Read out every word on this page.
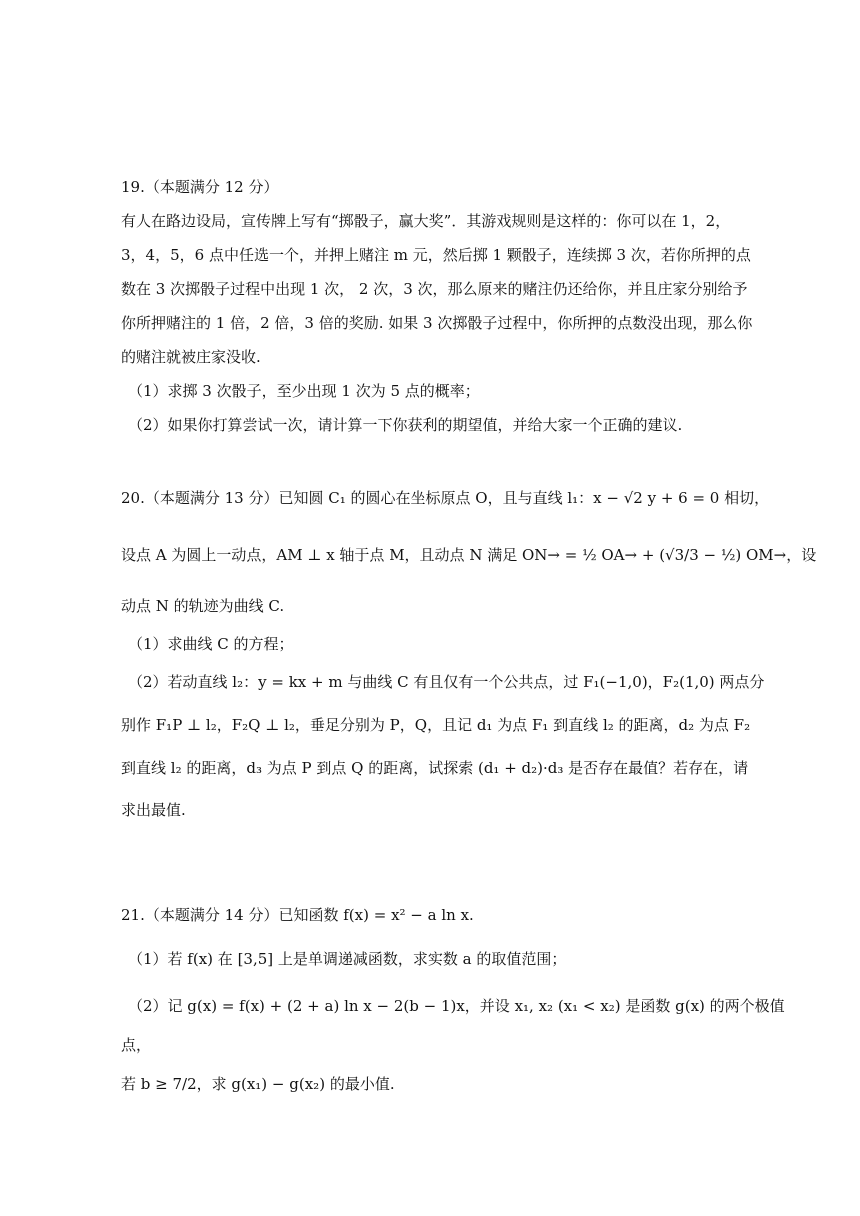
19.（本题满分 12 分）
有人在路边设局，宣传牌上写有“掷骰子，赢大奖”．其游戏规则是这样的：你可以在 1，2，
3，4，5，6 点中任选一个，并押上赌注 m 元，然后掷 1 颗骰子，连续掷 3 次，若你所押的点
数在 3 次掷骰子过程中出现 1 次， 2 次，3 次，那么原来的赌注仍还给你，并且庄家分别给予
你所押赌注的 1 倍，2 倍，3 倍的奖励. 如果 3 次掷骰子过程中，你所押的点数没出现，那么你
的赌注就被庄家没收.
（1）求掷 3 次骰子，至少出现 1 次为 5 点的概率；
（2）如果你打算尝试一次，请计算一下你获利的期望值，并给大家一个正确的建议.
20.（本题满分 13 分）已知圆 C₁ 的圆心在坐标原点 O，且与直线 l₁：x − √2 y + 6 = 0 相切，
设点 A 为圆上一动点，AM ⊥ x 轴于点 M，且动点 N 满足 ON→ = ½ OA→ + (√3/3 − ½) OM→，设
动点 N 的轨迹为曲线 C.
（1）求曲线 C 的方程；
（2）若动直线 l₂：y = kx + m 与曲线 C 有且仅有一个公共点，过 F₁(−1,0)，F₂(1,0) 两点分
别作 F₁P ⊥ l₂，F₂Q ⊥ l₂，垂足分别为 P，Q，且记 d₁ 为点 F₁ 到直线 l₂ 的距离，d₂ 为点 F₂
到直线 l₂ 的距离，d₃ 为点 P 到点 Q 的距离，试探索 (d₁ + d₂)·d₃ 是否存在最值？若存在，请
求出最值.
21.（本题满分 14 分）已知函数 f(x) = x² − a ln x.
（1）若 f(x) 在 [3,5] 上是单调递减函数，求实数 a 的取值范围；
（2）记 g(x) = f(x) + (2 + a) ln x − 2(b − 1)x，并设 x₁, x₂ (x₁ < x₂) 是函数 g(x) 的两个极值
点，
若 b ≥ 7/2，求 g(x₁) − g(x₂) 的最小值.
